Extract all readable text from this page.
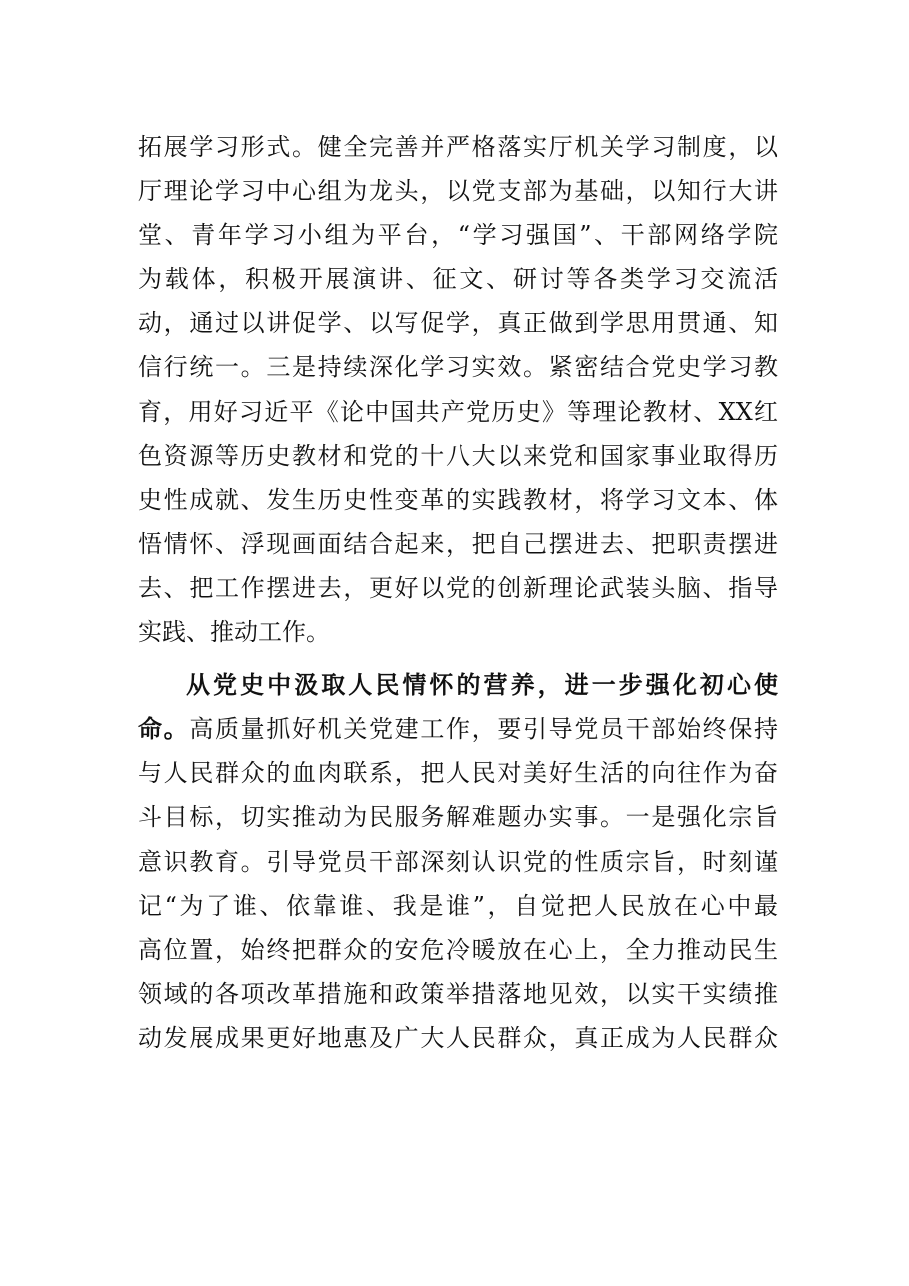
拓展学习形式。健全完善并严格落实厅机关学习制度，以
厅理论学习中心组为龙头，以党支部为基础，以知行大讲
堂、青年学习小组为平台，“学习强国”、干部网络学院
为载体，积极开展演讲、征文、研讨等各类学习交流活
动，通过以讲促学、以写促学，真正做到学思用贯通、知
信行统一。三是持续深化学习实效。紧密结合党史学习教
育，用好习近平《论中国共产党历史》等理论教材、XX红
色资源等历史教材和党的十八大以来党和国家事业取得历
史性成就、发生历史性变革的实践教材，将学习文本、体
悟情怀、浮现画面结合起来，把自己摆进去、把职责摆进
去、把工作摆进去，更好以党的创新理论武装头脑、指导
实践、推动工作。
从党史中汲取人民情怀的营养，进一步强化初心使
命。高质量抓好机关党建工作，要引导党员干部始终保持
与人民群众的血肉联系，把人民对美好生活的向往作为奋
斗目标，切实推动为民服务解难题办实事。一是强化宗旨
意识教育。引导党员干部深刻认识党的性质宗旨，时刻谨
记“为了谁、依靠谁、我是谁”，自觉把人民放在心中最
高位置，始终把群众的安危冷暖放在心上，全力推动民生
领域的各项改革措施和政策举措落地见效，以实干实绩推
动发展成果更好地惠及广大人民群众，真正成为人民群众
